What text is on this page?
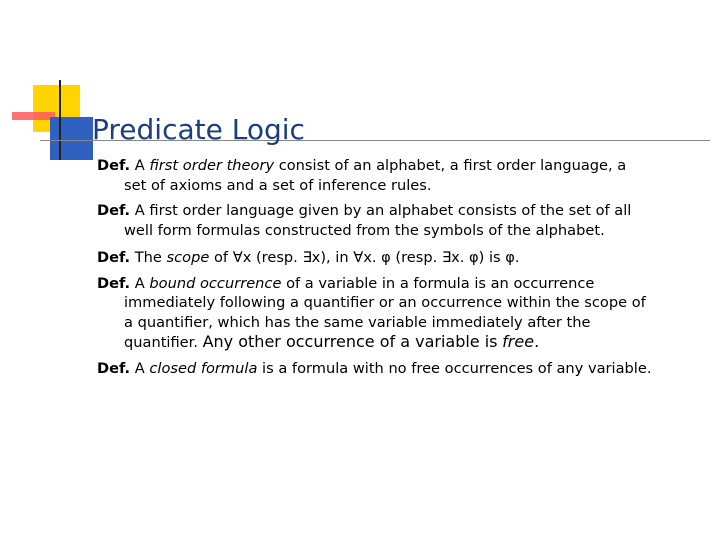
Predicate Logic

Def. A first order theory consist of an alphabet, a first order language, a
set of axioms and a set of inference rules.

Def. A first order language given by an alphabet consists of the set of all
well form formulas constructed from the symbols of the alphabet.

Def. The scope of ∀x (resp. ∃x), in ∀x. φ (resp. ∃x. φ) is φ.

Def. A bound occurrence of a variable in a formula is an occurrence
immediately following a quantifier or an occurrence within the scope of
a quantifier, which has the same variable immediately after the
quantifier. Any other occurrence of a variable is free.

Def. A closed formula is a formula with no free occurrences of any variable.
